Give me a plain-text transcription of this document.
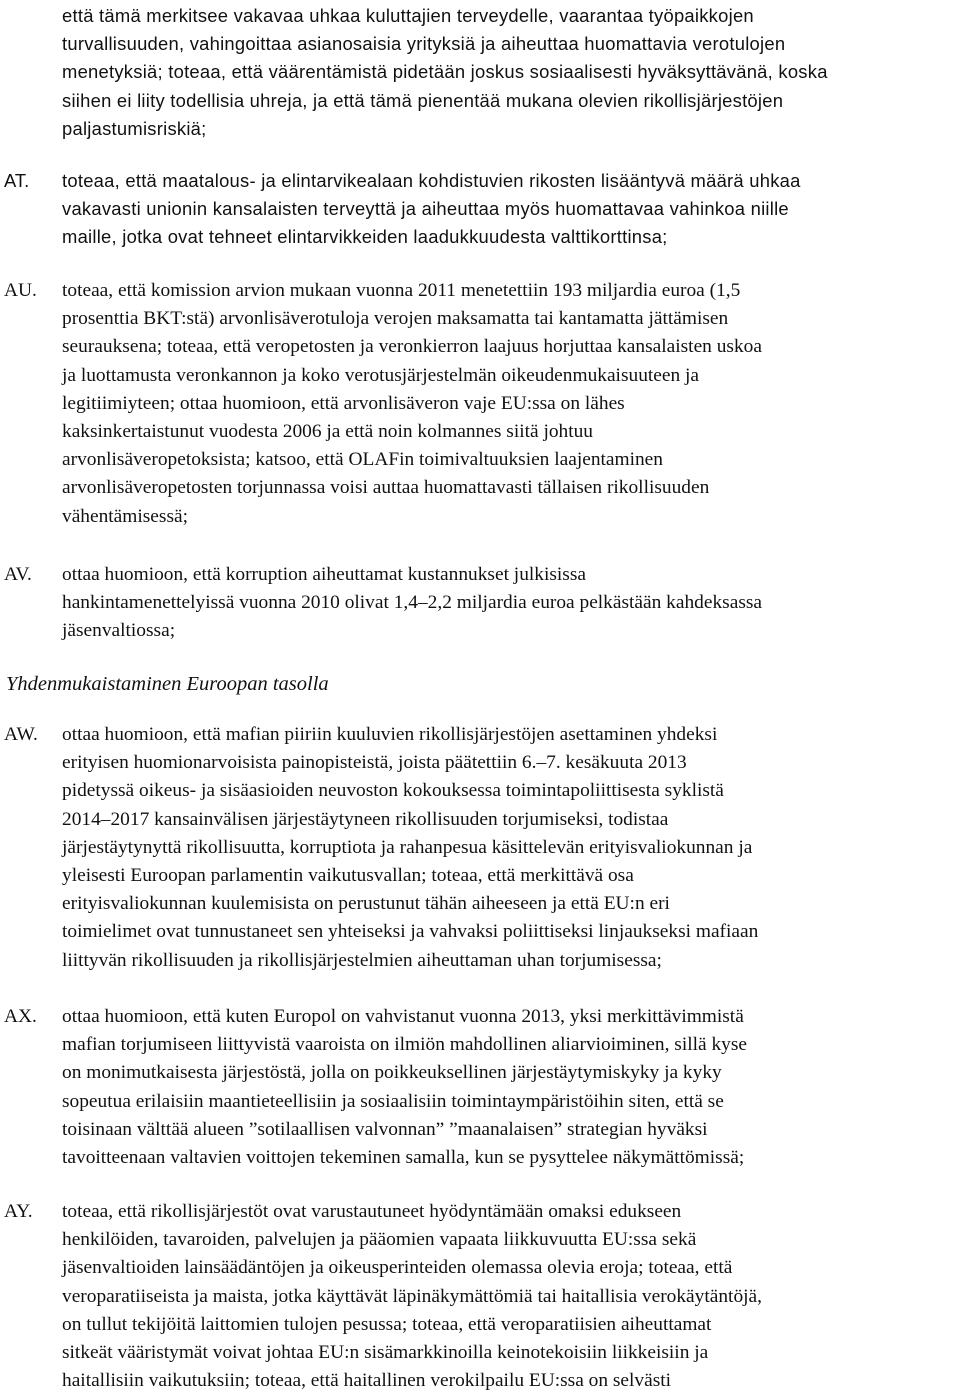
että tämä merkitsee vakavaa uhkaa kuluttajien terveydelle, vaarantaa työpaikkojen
turvallisuuden, vahingoittaa asianosaisia yrityksiä ja aiheuttaa huomattavia verotulojen
menetyksiä; toteaa, että väärentämistä pidetään joskus sosiaalisesti hyväksyttävänä, koska
siihen ei liity todellisia uhreja, ja että tämä pienentää mukana olevien rikollisjärjestöjen
paljastumisriskiä;
AT. toteaa, että maatalous- ja elintarvikealaan kohdistuvien rikosten lisääntyvä määrä uhkaa
vakavasti unionin kansalaisten terveyttä ja aiheuttaa myös huomattavaa vahinkoa niille
maille, jotka ovat tehneet elintarvikkeiden laadukkuudesta valttikorttinsa;
AU. toteaa, että komission arvion mukaan vuonna 2011 menetettiin 193 miljardia euroa (1,5
prosenttia BKT:stä) arvonlisäverotuloja verojen maksamatta tai kantamatta jättämisen
seurauksena; toteaa, että veropetosten ja veronkierron laajuus horjuttaa kansalaisten uskoa
ja luottamusta veronkannon ja koko verotusjärjestelmän oikeudenmukaisuuteen ja
legitiimiyteen; ottaa huomioon, että arvonlisäveron vaje EU:ssa on lähes
kaksinkertaistunut vuodesta 2006 ja että noin kolmannes siitä johtuu
arvonlisäveropetoksista; katsoo, että OLAFin toimivaltuuksien laajentaminen
arvonlisäveropetosten torjunnassa voisi auttaa huomattavasti tällaisen rikollisuuden
vähentämisessä;
AV. ottaa huomioon, että korruption aiheuttamat kustannukset julkisissa
hankintamenettelyissä vuonna 2010 olivat 1,4–2,2 miljardia euroa pelkästään kahdeksassa
jäsenvaltiossa;
Yhdenmukaistaminen Euroopan tasolla
AW. ottaa huomioon, että mafian piiriin kuuluvien rikollisjärjestöjen asettaminen yhdeksi
erityisen huomionarvoisista painopisteistä, joista päätettiin 6.–7. kesäkuuta 2013
pidetyssä oikeus- ja sisäasioiden neuvoston kokouksessa toimintapoliittisesta syklistä
2014–2017 kansainvälisen järjestäytyneen rikollisuuden torjumiseksi, todistaa
järjestäytynyttä rikollisuutta, korruptiota ja rahanpesua käsittelevän erityisvaliokunnan ja
yleisesti Euroopan parlamentin vaikutusvallan; toteaa, että merkittävä osa
erityisvaliokunnan kuulemisista on perustunut tähän aiheeseen ja että EU:n eri
toimielimet ovat tunnustaneet sen yhteiseksi ja vahvaksi poliittiseksi linjaukseksi mafiaan
liittyvän rikollisuuden ja rikollisjärjestelmien aiheuttaman uhan torjumisessa;
AX. ottaa huomioon, että kuten Europol on vahvistanut vuonna 2013, yksi merkittävimmistä
mafian torjumiseen liittyvistä vaaroista on ilmiön mahdollinen aliarvioiminen, sillä kyse
on monimutkaisesta järjestöstä, jolla on poikkeuksellinen järjestäytymiskyky ja kyky
sopeutua erilaisiin maantieteellisiin ja sosiaalisiin toimintaympäristöihin siten, että se
toisinaan välttää alueen ”sotilaallisen valvonnan” ”maanalaisen” strategian hyväksi
tavoitteenaan valtavien voittojen tekeminen samalla, kun se pysyttelee näkymättömissä;
AY. toteaa, että rikollisjärjestöt ovat varustautuneet hyödyntämään omaksi edukseen
henkilöiden, tavaroiden, palvelujen ja pääomien vapaata liikkuvuutta EU:ssa sekä
jäsenvaltioiden lainsäädäntöjen ja oikeusperinteiden olemassa olevia eroja; toteaa, että
veroparatiiseista ja maista, jotka käyttävät läpinäkymättömiä tai haitallisia verokäytäntöjä,
on tullut tekijöitä laittomien tulojen pesussa; toteaa, että veroparatiisien aiheuttamat
sitkeät vääristymät voivat johtaa EU:n sisämarkkinoilla keinotekoisiin liikkeisiin ja
haitallisiin vaikutuksiin; toteaa, että haitallinen verokilpailu EU:ssa on selvästi
